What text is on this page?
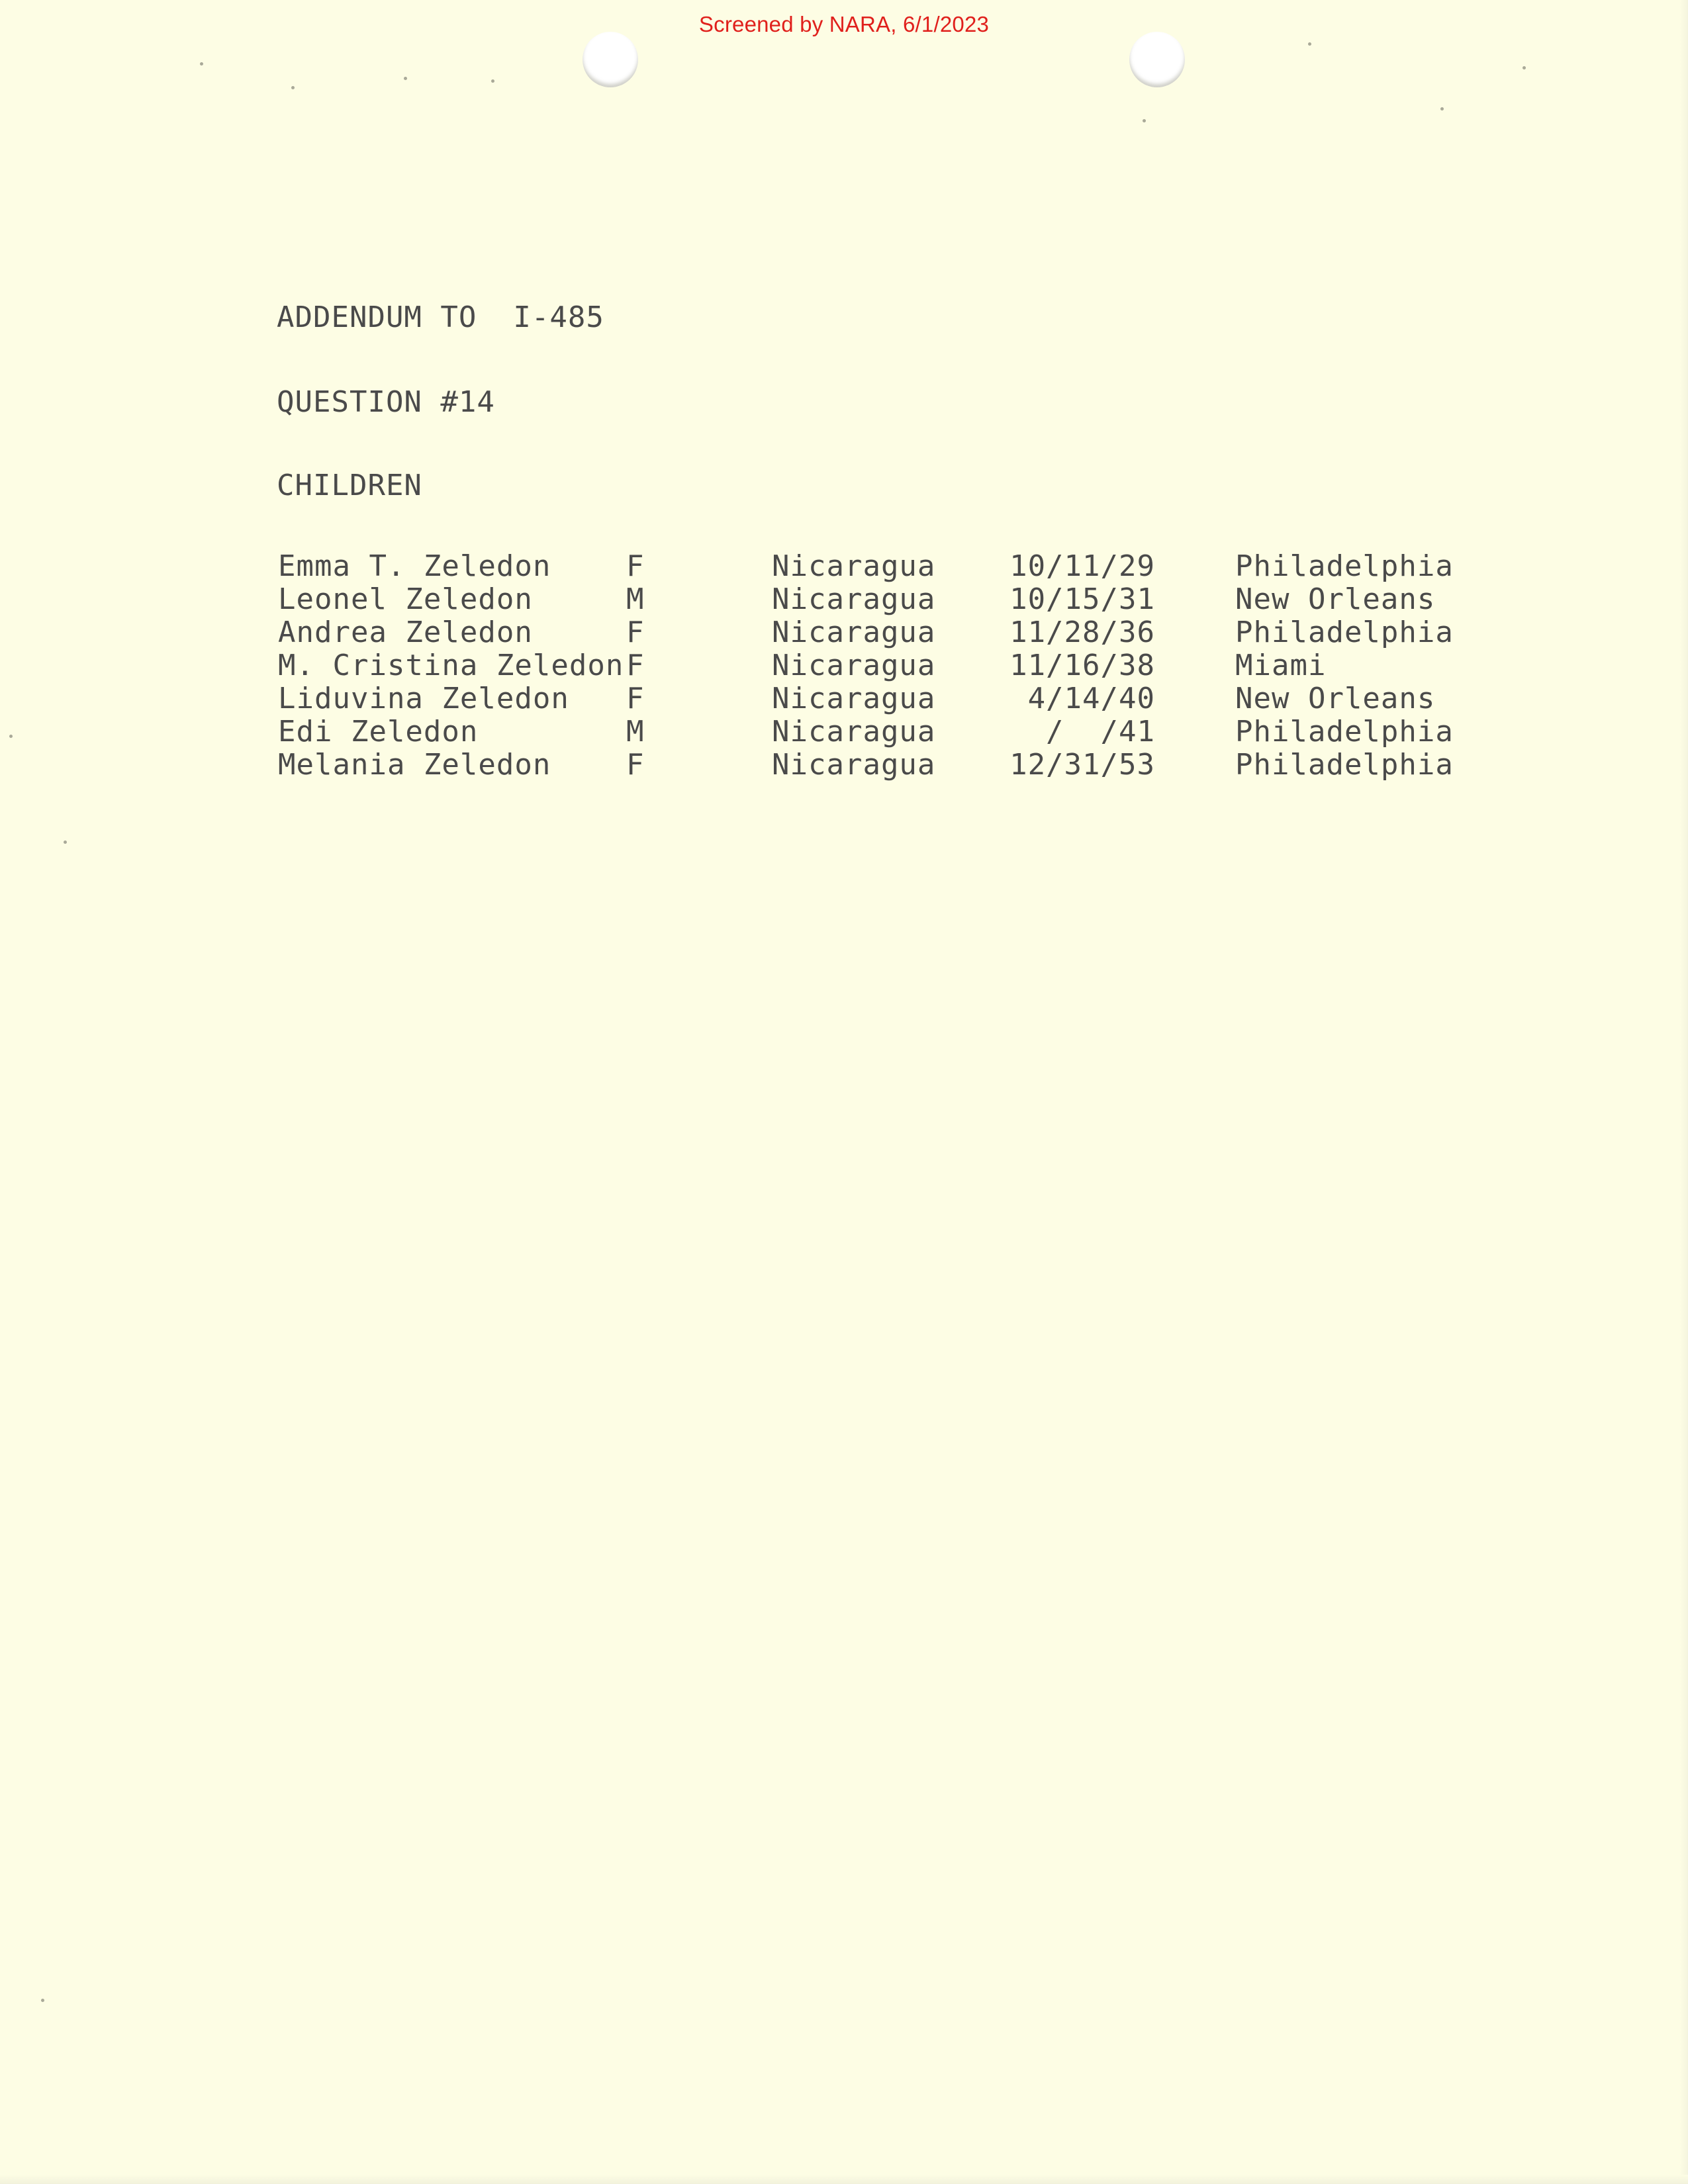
Screened by NARA, 6/1/2023
ADDENDUM TO  I-485
QUESTION #14
CHILDREN
Emma T. Zeledon	F	Nicaragua	10/11/29	Philadelphia
Leonel Zeledon	M	Nicaragua	10/15/31	New Orleans
Andrea Zeledon	F	Nicaragua	11/28/36	Philadelphia
M. Cristina Zeledon F	Nicaragua	11/16/38	Miami
Liduvina Zeledon F	Nicaragua	4/14/40	New Orleans
Edi Zeledon	M	Nicaragua	/  /41	Philadelphia
Melania Zeledon	F	Nicaragua	12/31/53	Philadelphia
